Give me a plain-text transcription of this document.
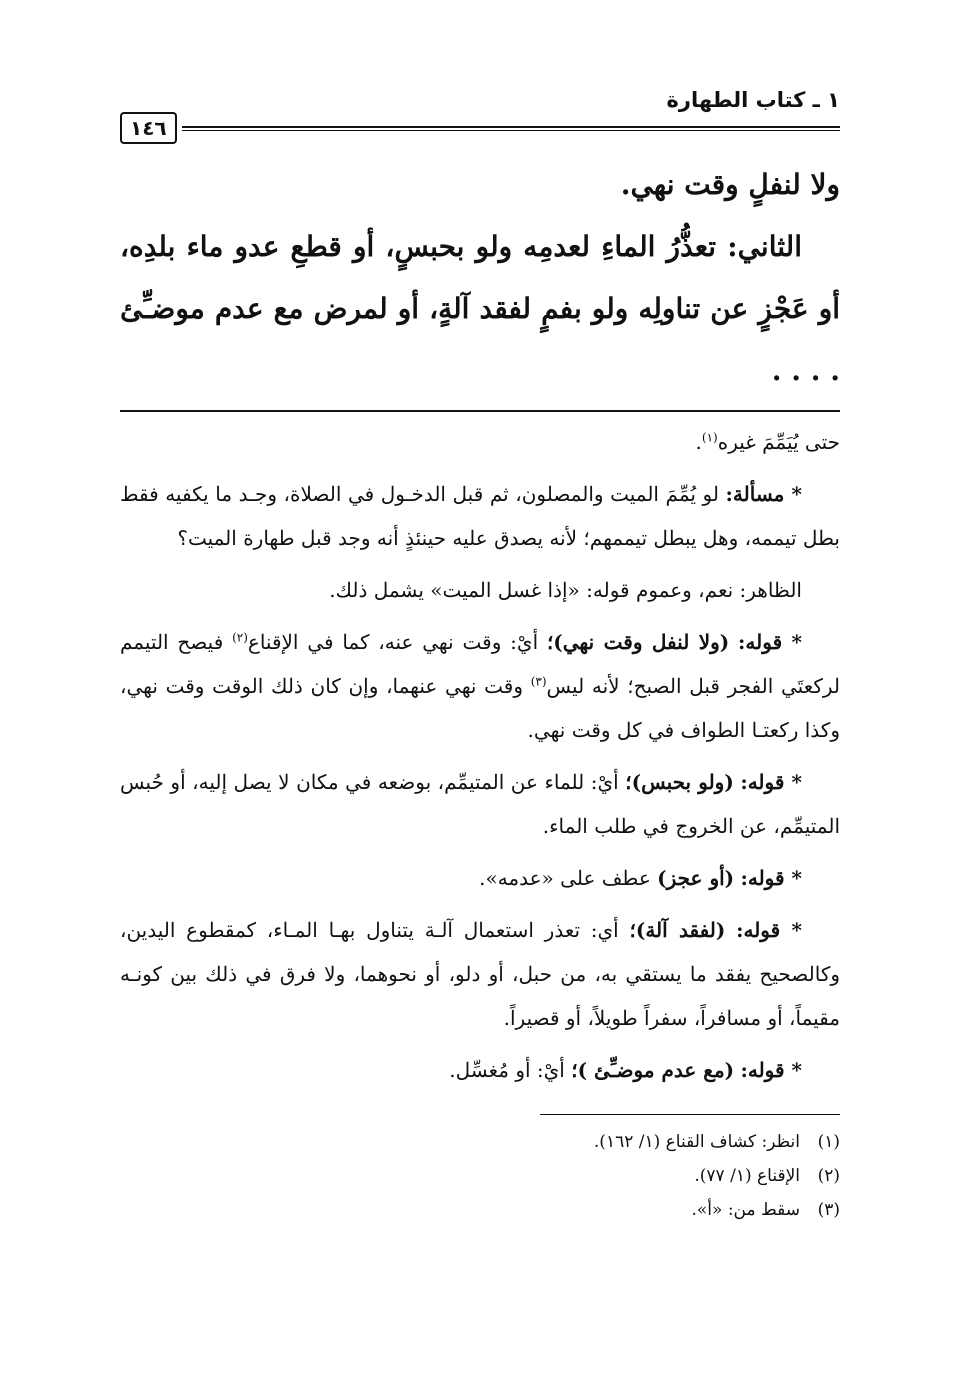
١ ـ كتاب الطهارة
١٤٦

ولا لنفلٍ وقت نهي.

الثاني: تعذُّرُ الماءِ لعدمِه ولو بحبسٍ، أو قطعِ عدو ماء بلدِه، أو عَجْزٍ عن تناولِه ولو بفمٍ لفقد آلةٍ، أو لمرض مع عدم موضـِّئ . . . .

حتى يُيَمِّمَ غيره$^{(١)}$.

* مسألة: لو يُمِّمَ الميت والمصلون، ثم قبل الدخـول في الصلاة، وجـد ما يكفيه فقط بطل تيممه، وهل يبطل تيممهم؛ لأنه يصدق عليه حينئذٍ أنه وجد قبل طهارة الميت؟

الظاهر: نعم، وعموم قوله: «إذا غسل الميت» يشمل ذلك.

* قوله: (ولا لنفل وقت نهي)؛ أيْ: وقت نهي عنه، كما في الإقناع$^{(٢)}$ فيصح التيمم لركعتَي الفجر قبل الصبح؛ لأنه ليس$^{(٣)}$ وقت نهي عنهما، وإن كان ذلك الوقت وقت نهي، وكذا ركعتـا الطواف في كل وقت نهي.

* قوله: (ولو بحبس)؛ أيْ: للماء عن المتيمِّم، بوضعه في مكان لا يصل إليه، أو حُبس المتيمِّم، عن الخروج في طلب الماء.

* قوله: (أو عجز) عطف على «عدمه».

* قوله: (لفقد آلة)؛ أي: تعذر استعمال آلـة يتناول بهـا المـاء، كمقطوع اليدين، وكالصحيح يفقد ما يستقي به، من حبل، أو دلو، أو نحوهما، ولا فرق في ذلك بين كونـه مقيماً، أو مسافراً، سفراً طويلاً، أو قصيراً.

* قوله: (مع عدم موضـِّئ )؛ أيْ: أو مُغسِّل.

(١)انظر: كشاف القناع (١/ ١٦٢).

(٢)الإقناع (١/ ٧٧).

(٣)سقط من: «أ».
